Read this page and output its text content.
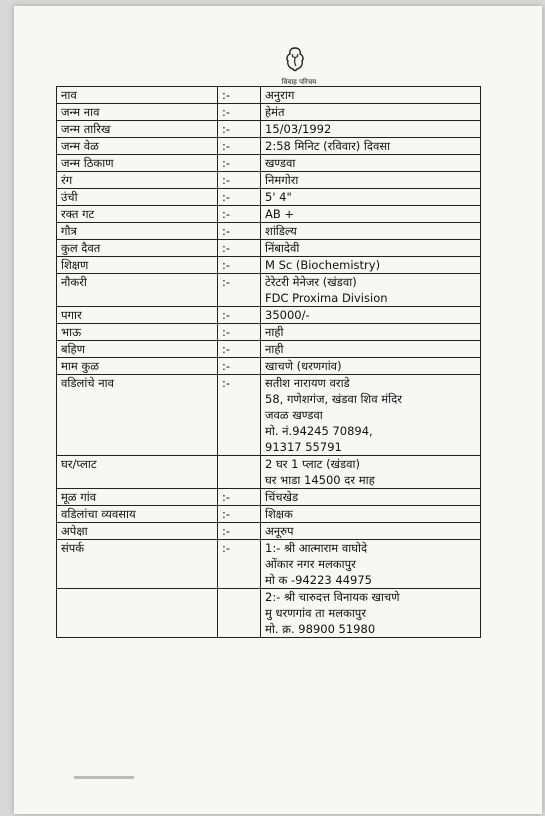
विवाह परिचय
नाव	:-	अनुराग

जन्म नाव	:-	हेमंत

जन्म तारिख	:-	15/03/1992

जन्म वेळ	:-	2:58 मिनिट (रविवार) दिवसा

जन्म ठिकाण	:-	खण्डवा

रंग	:-	निमगोरा

उंची	:-	5' 4"

रक्त गट	:-	AB +

गौत्र	:-	शांडिल्य

कुल दैवत	:-	निंबादेवी

शिक्षण	:-	M Sc (Biochemistry)

नौकरी	:-	टेरेटरी मेनेजर (खंडवा)
FDC Proxima Division

पगार	:-	35000/-

भाऊ	:-	नाही

बहिण	:-	नाही

माम कुळ	:-	खाचणे (धरणगांव)

वडिलांचे नाव	:-	सतीश नारायण वराडे
58, गणेशगंज, खंडवा शिव मंदिर
जवळ खण्डवा
मो. नं.94245 70894,
91317 55791

घर/प्लाट		2 घर 1 प्लाट (खंडवा)
घर भाडा 14500 दर माह

मूळ गांव	:-	चिंचखेड

वडिलांचा व्यवसाय	:-	शिक्षक

अपेक्षा	:-	अनूरुप

संपर्क	:-	1:- श्री आत्माराम वाघोदे
ओंकार नगर मलकापुर
मो क -94223 44975

		2:- श्री चारुदत्त विनायक खाचणे
मु धरणगांव ता मलकापुर
मो. क्र. 98900 51980
